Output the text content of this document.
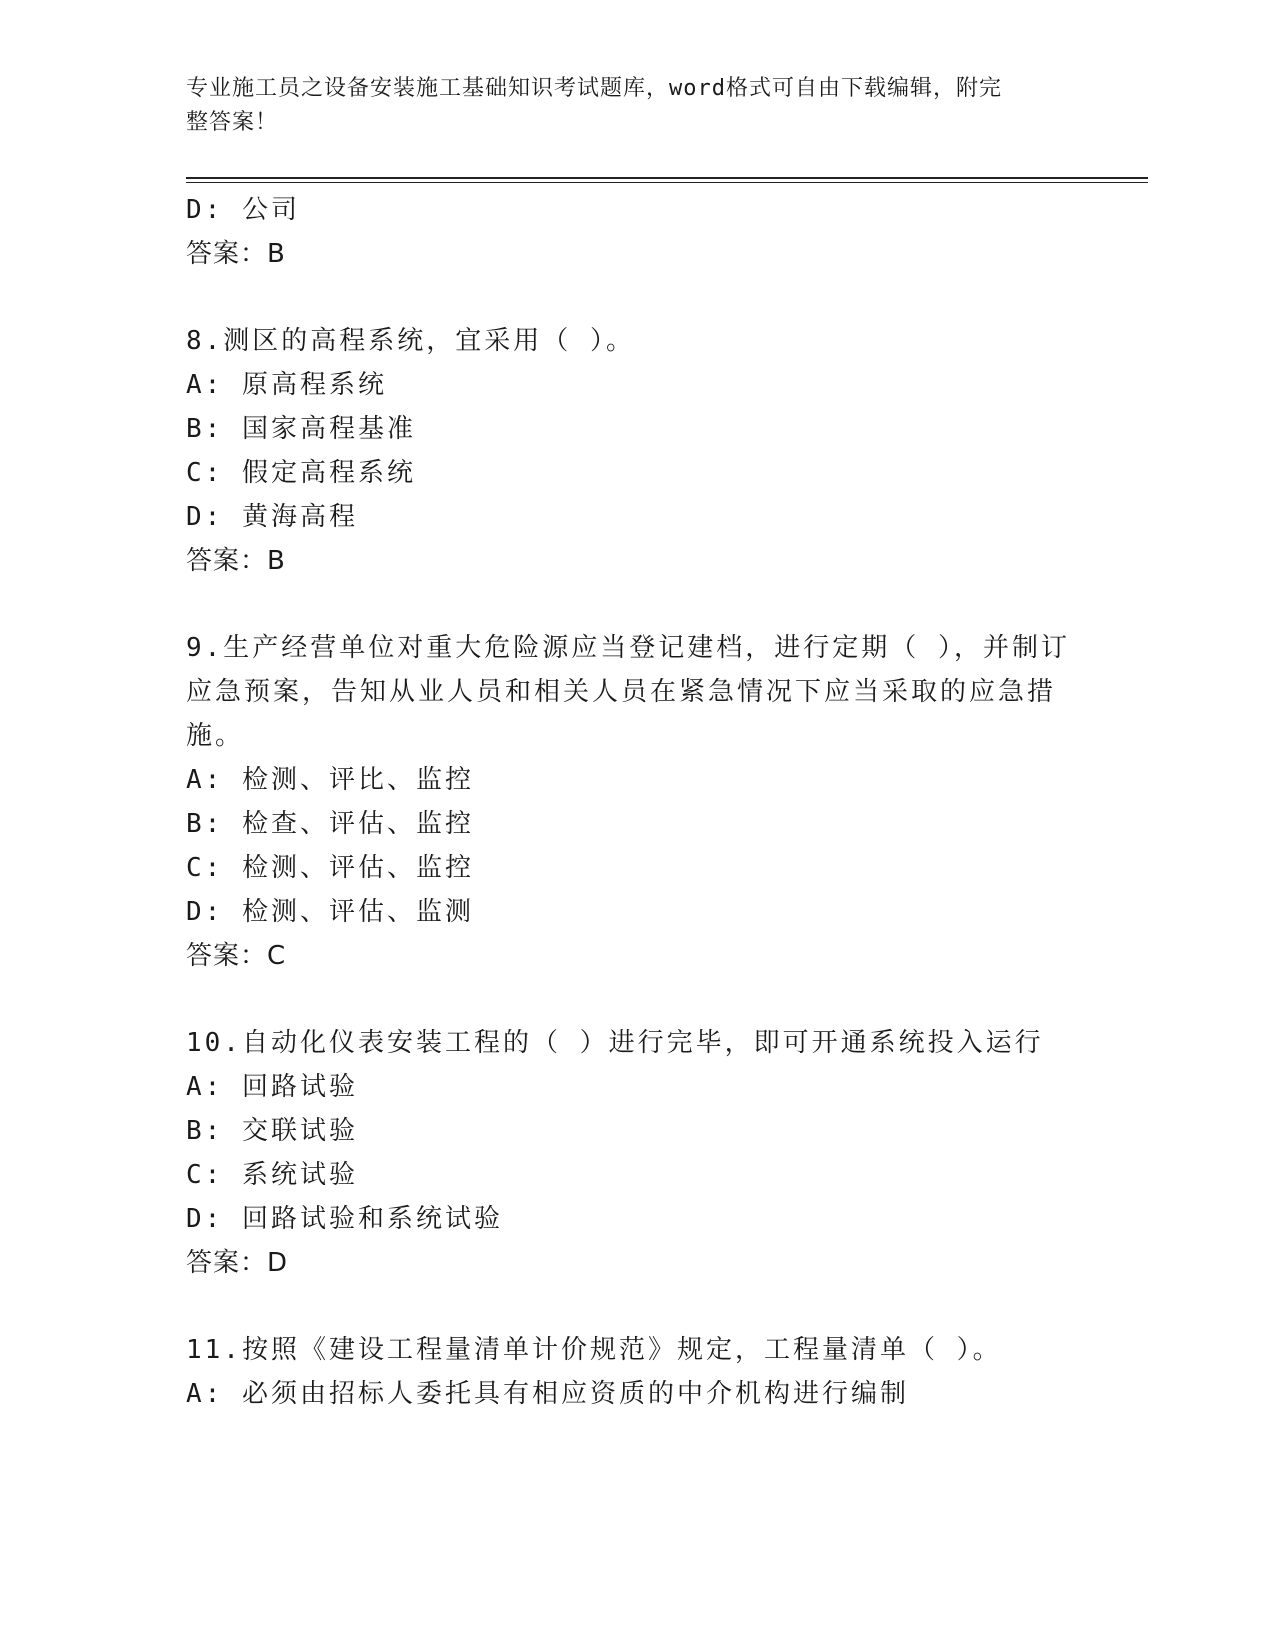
专业施工员之设备安装施工基础知识考试题库，word格式可自由下载编辑，附完
整答案！
D: 公司
答案：B
8.测区的高程系统，宜采用（ ）。
A: 原高程系统
B: 国家高程基准
C: 假定高程系统
D: 黄海高程
答案：B
9.生产经营单位对重大危险源应当登记建档，进行定期（ ），并制订
应急预案，告知从业人员和相关人员在紧急情况下应当采取的应急措
施。
A: 检测、评比、监控
B: 检查、评估、监控
C: 检测、评估、监控
D: 检测、评估、监测
答案：C
10.自动化仪表安装工程的（ ）进行完毕，即可开通系统投入运行
A: 回路试验
B: 交联试验
C: 系统试验
D: 回路试验和系统试验
答案：D
11.按照《建设工程量清单计价规范》规定，工程量清单（ ）。
A: 必须由招标人委托具有相应资质的中介机构进行编制
